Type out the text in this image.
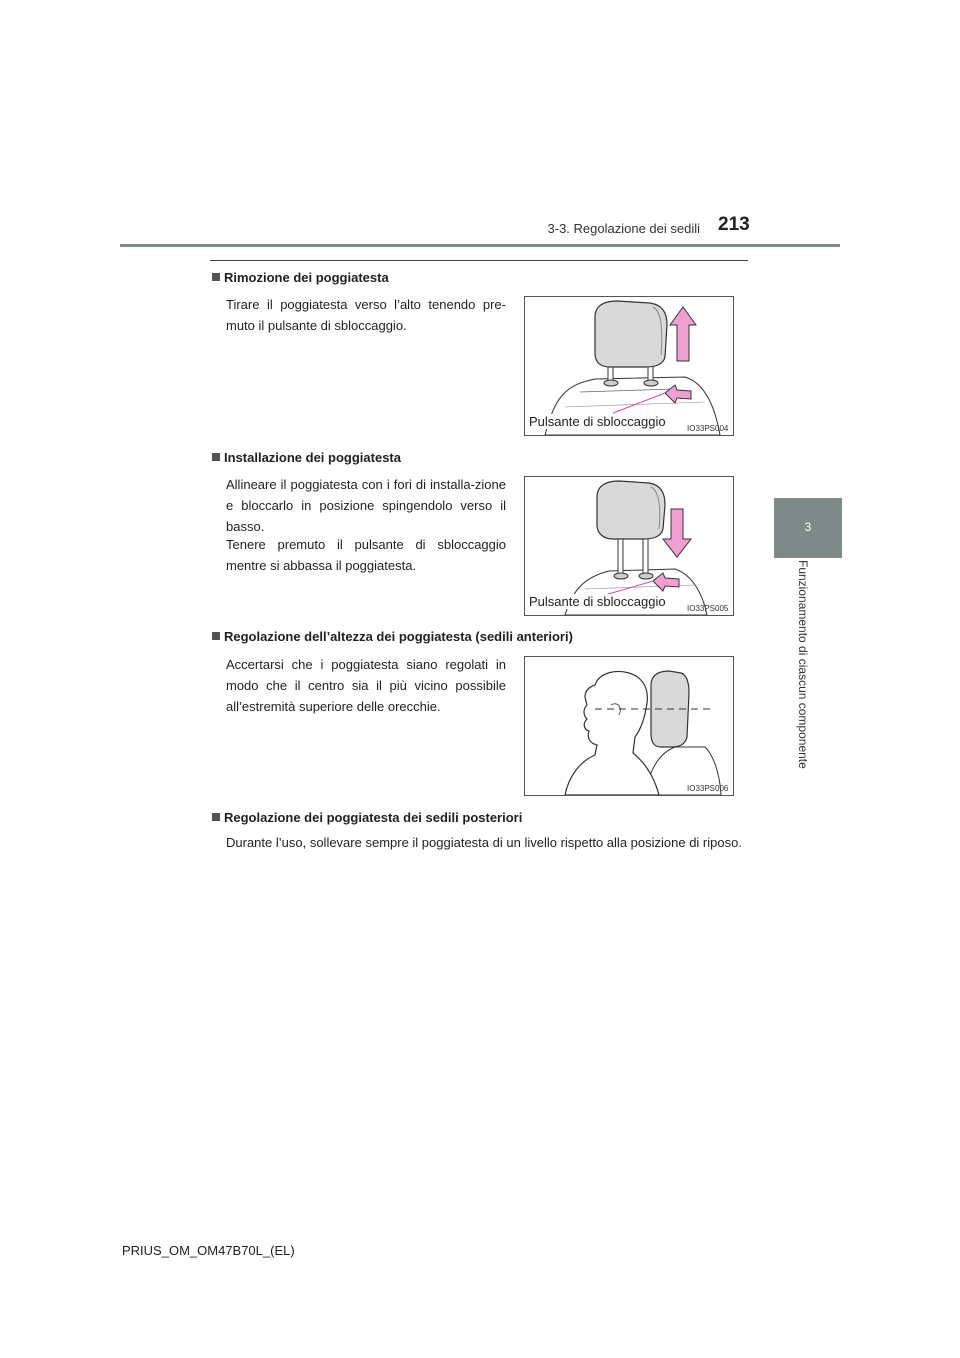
3-3. Regolazione dei sedili 213
3
Funzionamento di ciascun componente
Rimozione dei poggiatesta
Tirare il poggiatesta verso l’alto tenendo pre-muto il pulsante di sbloccaggio.
Pulsante di sbloccaggio	IO33PS004
Installazione dei poggiatesta
Allineare il poggiatesta con i fori di installa-zione e bloccarlo in posizione spingendolo verso il basso.
Tenere premuto il pulsante di sbloccaggio mentre si abbassa il poggiatesta.
Pulsante di sbloccaggio	IO33PS005
Regolazione dell’altezza dei poggiatesta (sedili anteriori)
Accertarsi che i poggiatesta siano regolati in modo che il centro sia il più vicino possibile all’estremità superiore delle orecchie.
IO33PS006
Regolazione dei poggiatesta dei sedili posteriori
Durante l’uso, sollevare sempre il poggiatesta di un livello rispetto alla posizione di riposo.
PRIUS_OM_OM47B70L_(EL)
